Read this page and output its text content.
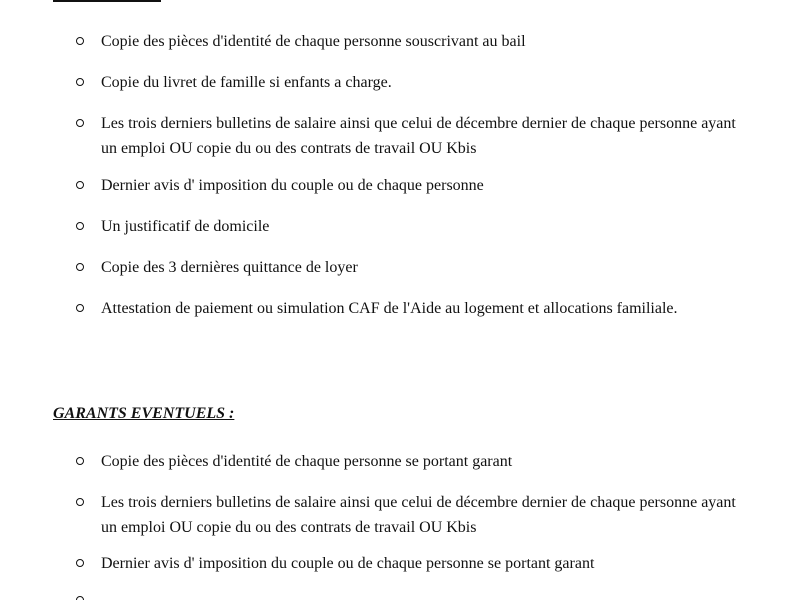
Copie des pièces d'identité de chaque personne souscrivant au bail
Copie du livret de famille si enfants a charge.
Les trois derniers bulletins de salaire ainsi que celui de décembre dernier de chaque personne ayant
un emploi OU copie du ou des contrats de travail OU Kbis
Dernier avis d' imposition du couple ou de chaque personne
Un justificatif de domicile
Copie des 3 dernières quittance de loyer
Attestation de paiement ou simulation CAF de l'Aide au logement et allocations familiale.
GARANTS EVENTUELS :
Copie des pièces d'identité de chaque personne se portant garant
Les trois derniers bulletins de salaire ainsi que celui de décembre dernier de chaque personne ayant
un emploi OU copie du ou des contrats de travail OU Kbis
Dernier avis d' imposition du couple ou de chaque personne se portant garant
